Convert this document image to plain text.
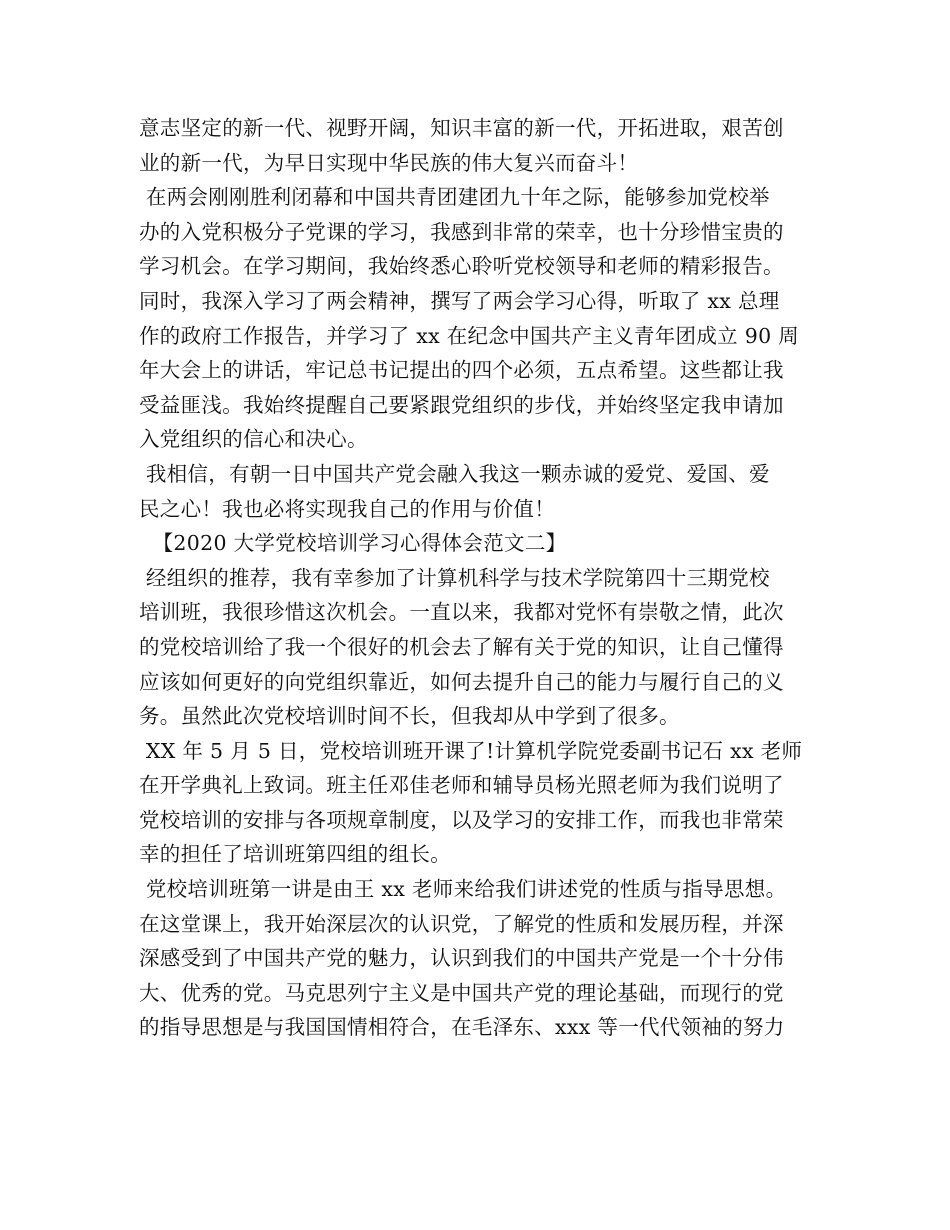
意志坚定的新一代、视野开阔，知识丰富的新一代，开拓进取，艰苦创
业的新一代，为早日实现中华民族的伟大复兴而奋斗！
在两会刚刚胜利闭幕和中国共青团建团九十年之际，能够参加党校举
办的入党积极分子党课的学习，我感到非常的荣幸，也十分珍惜宝贵的
学习机会。在学习期间，我始终悉心聆听党校领导和老师的精彩报告。
同时，我深入学习了两会精神，撰写了两会学习心得，听取了 xx 总理
作的政府工作报告，并学习了 xx 在纪念中国共产主义青年团成立 90 周
年大会上的讲话，牢记总书记提出的四个必须，五点希望。这些都让我
受益匪浅。我始终提醒自己要紧跟党组织的步伐，并始终坚定我申请加
入党组织的信心和决心。
我相信，有朝一日中国共产党会融入我这一颗赤诚的爱党、爱国、爱
民之心！我也必将实现我自己的作用与价值！
【2020 大学党校培训学习心得体会范文二】
经组织的推荐，我有幸参加了计算机科学与技术学院第四十三期党校
培训班，我很珍惜这次机会。一直以来，我都对党怀有崇敬之情，此次
的党校培训给了我一个很好的机会去了解有关于党的知识，让自己懂得
应该如何更好的向党组织靠近，如何去提升自己的能力与履行自己的义
务。虽然此次党校培训时间不长，但我却从中学到了很多。
XX 年 5 月 5 日，党校培训班开课了!计算机学院党委副书记石 xx 老师
在开学典礼上致词。班主任邓佳老师和辅导员杨光照老师为我们说明了
党校培训的安排与各项规章制度，以及学习的安排工作，而我也非常荣
幸的担任了培训班第四组的组长。
党校培训班第一讲是由王 xx 老师来给我们讲述党的性质与指导思想。
在这堂课上，我开始深层次的认识党，了解党的性质和发展历程，并深
深感受到了中国共产党的魅力，认识到我们的中国共产党是一个十分伟
大、优秀的党。马克思列宁主义是中国共产党的理论基础，而现行的党
的指导思想是与我国国情相符合，在毛泽东、xxx 等一代代领袖的努力
